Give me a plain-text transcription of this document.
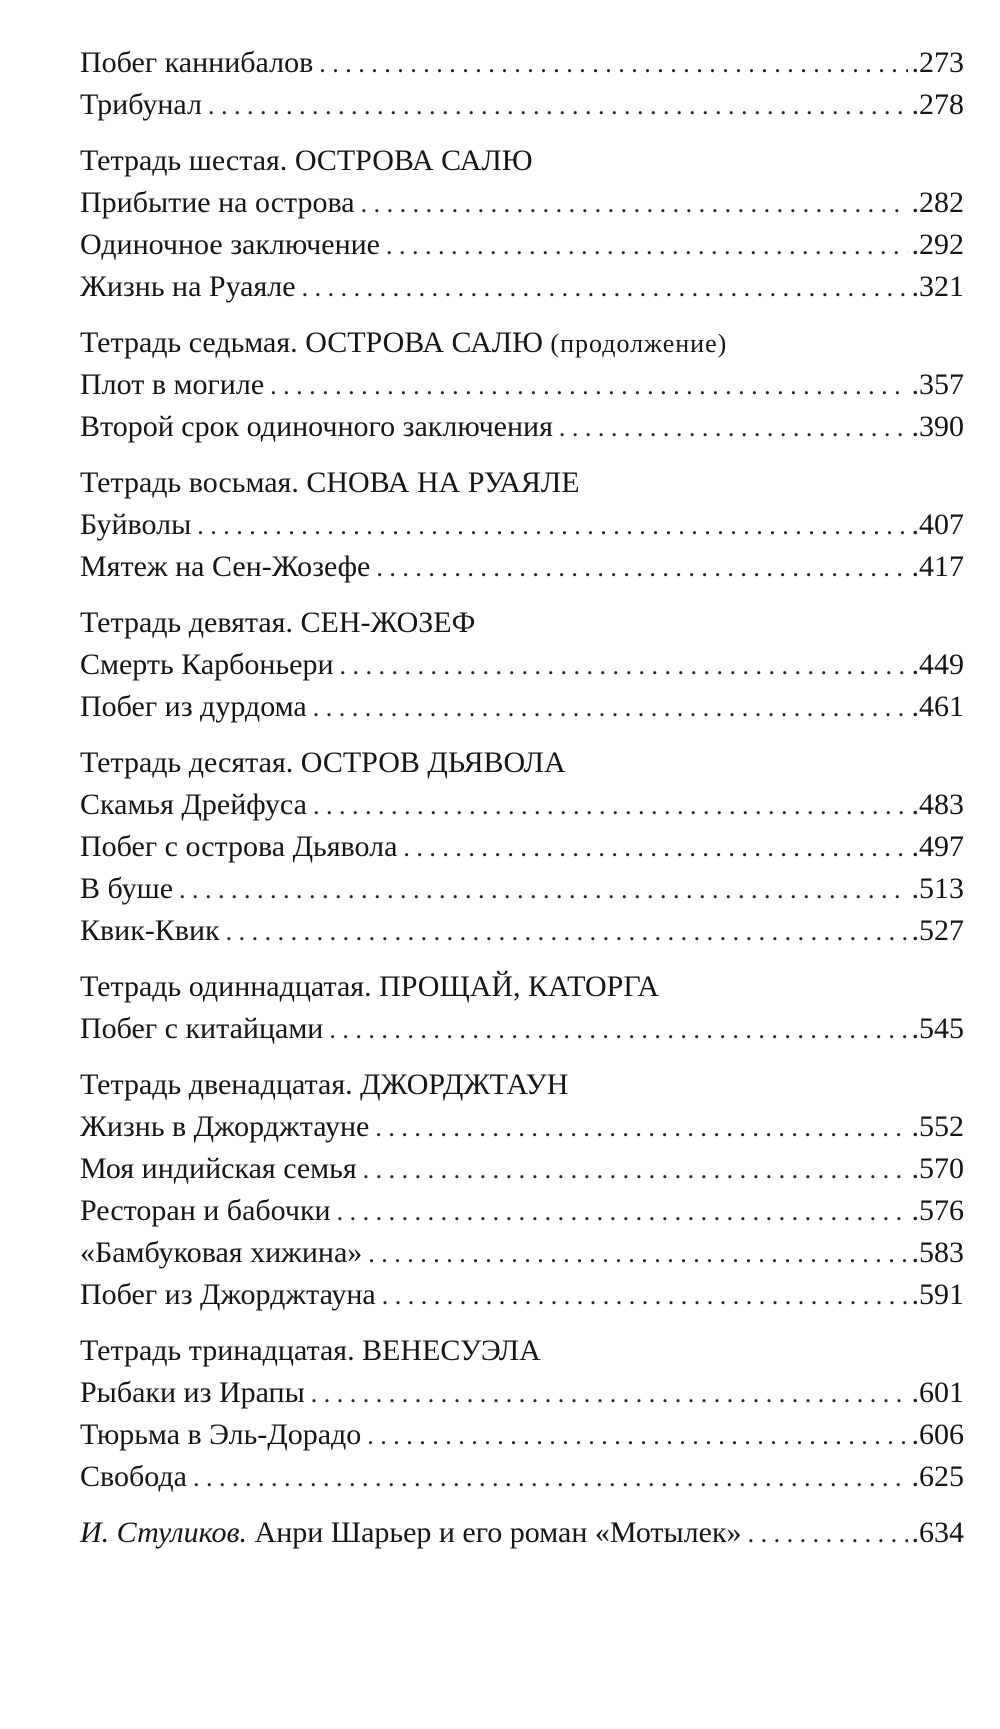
Побег каннибалов . . .	.273
Трибунал . . .	.278
Тетрадь шестая. ОСТРОВА САЛЮ
Прибытие на острова . . .	.282
Одиночное заключение . . .	.292
Жизнь на Руаяле . . .	.321
Тетрадь седьмая. ОСТРОВА САЛЮ (продолжение)
Плот в могиле . . .	.357
Второй срок одиночного заключения . . .	.390
Тетрадь восьмая. СНОВА НА РУАЯЛЕ
Буйволы . . .	.407
Мятеж на Сен-Жозефе . . .	.417
Тетрадь девятая. СЕН-ЖОЗЕФ
Смерть Карбоньери . . .	.449
Побег из дурдома . . .	.461
Тетрадь десятая. ОСТРОВ ДЬЯВОЛА
Скамья Дрейфуса . . .	.483
Побег с острова Дьявола . . .	.497
В буше . . .	.513
Квик-Квик . . .	.527
Тетрадь одиннадцатая. ПРОЩАЙ, КАТОРГА
Побег с китайцами . . .	.545
Тетрадь двенадцатая. ДЖОРДЖТАУН
Жизнь в Джорджтауне . . .	.552
Моя индийская семья . . .	.570
Ресторан и бабочки . . .	.576
«Бамбуковая хижина» . . .	.583
Побег из Джорджтауна . . .	.591
Тетрадь тринадцатая. ВЕНЕСУЭЛА
Рыбаки из Ирапы . . .	.601
Тюрьма в Эль-Дорадо . . .	.606
Свобода . . .	.625
И. Стуликов. Анри Шарьер и его роман «Мотылек» . . .	.634
